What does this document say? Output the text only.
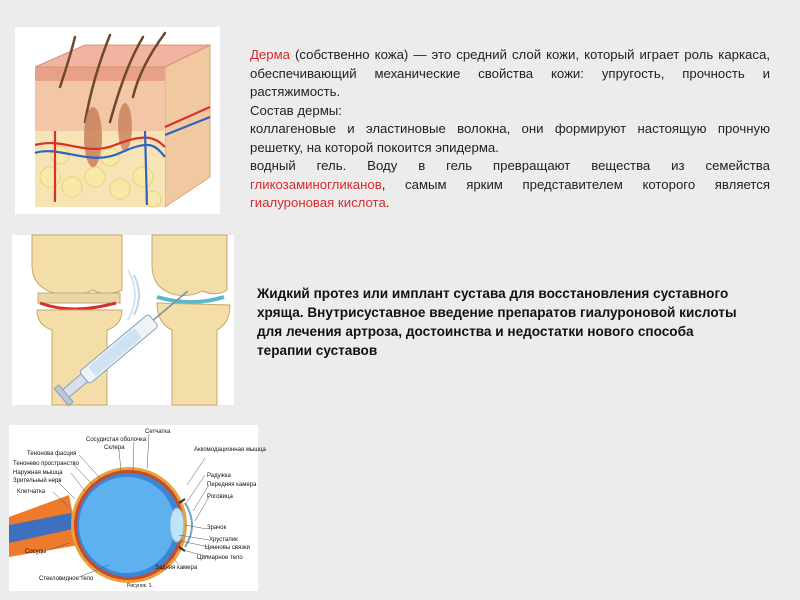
Дерма (собственно кожа) — это средний слой кожи, который играет роль каркаса, обеспечивающий механические свойства кожи: упругость, прочность и растяжимость.

Состав дермы:

коллагеновые и эластиновые волокна, они формируют настоящую прочную решетку, на которой покоится эпидерма.

водный гель. Воду в гель превращают вещества из семейства гликозаминогликанов, самым ярким представителем которого является гиалуроновая кислота.

Жидкий протез или имплант сустава для восстановления суставного хряща. Внутрисуставное введение препаратов гиалуроновой кислоты для лечения артроза, достоинства и недостатки нового способа терапии суставов
Сетчатка
Сосудистая оболочка
Склера
Тенонова фасция
Тенонево пространство
Наружная мышца
Зрительный нерв
Клетчатка
Сосуды
Стекловидное тело
Аккомодационная мышца
Радужка
Передняя камера
Роговица
Зрачок
Хрусталик
Цинновы связки
Цилиарное тело
Задняя камера
Рисунок. 1.
